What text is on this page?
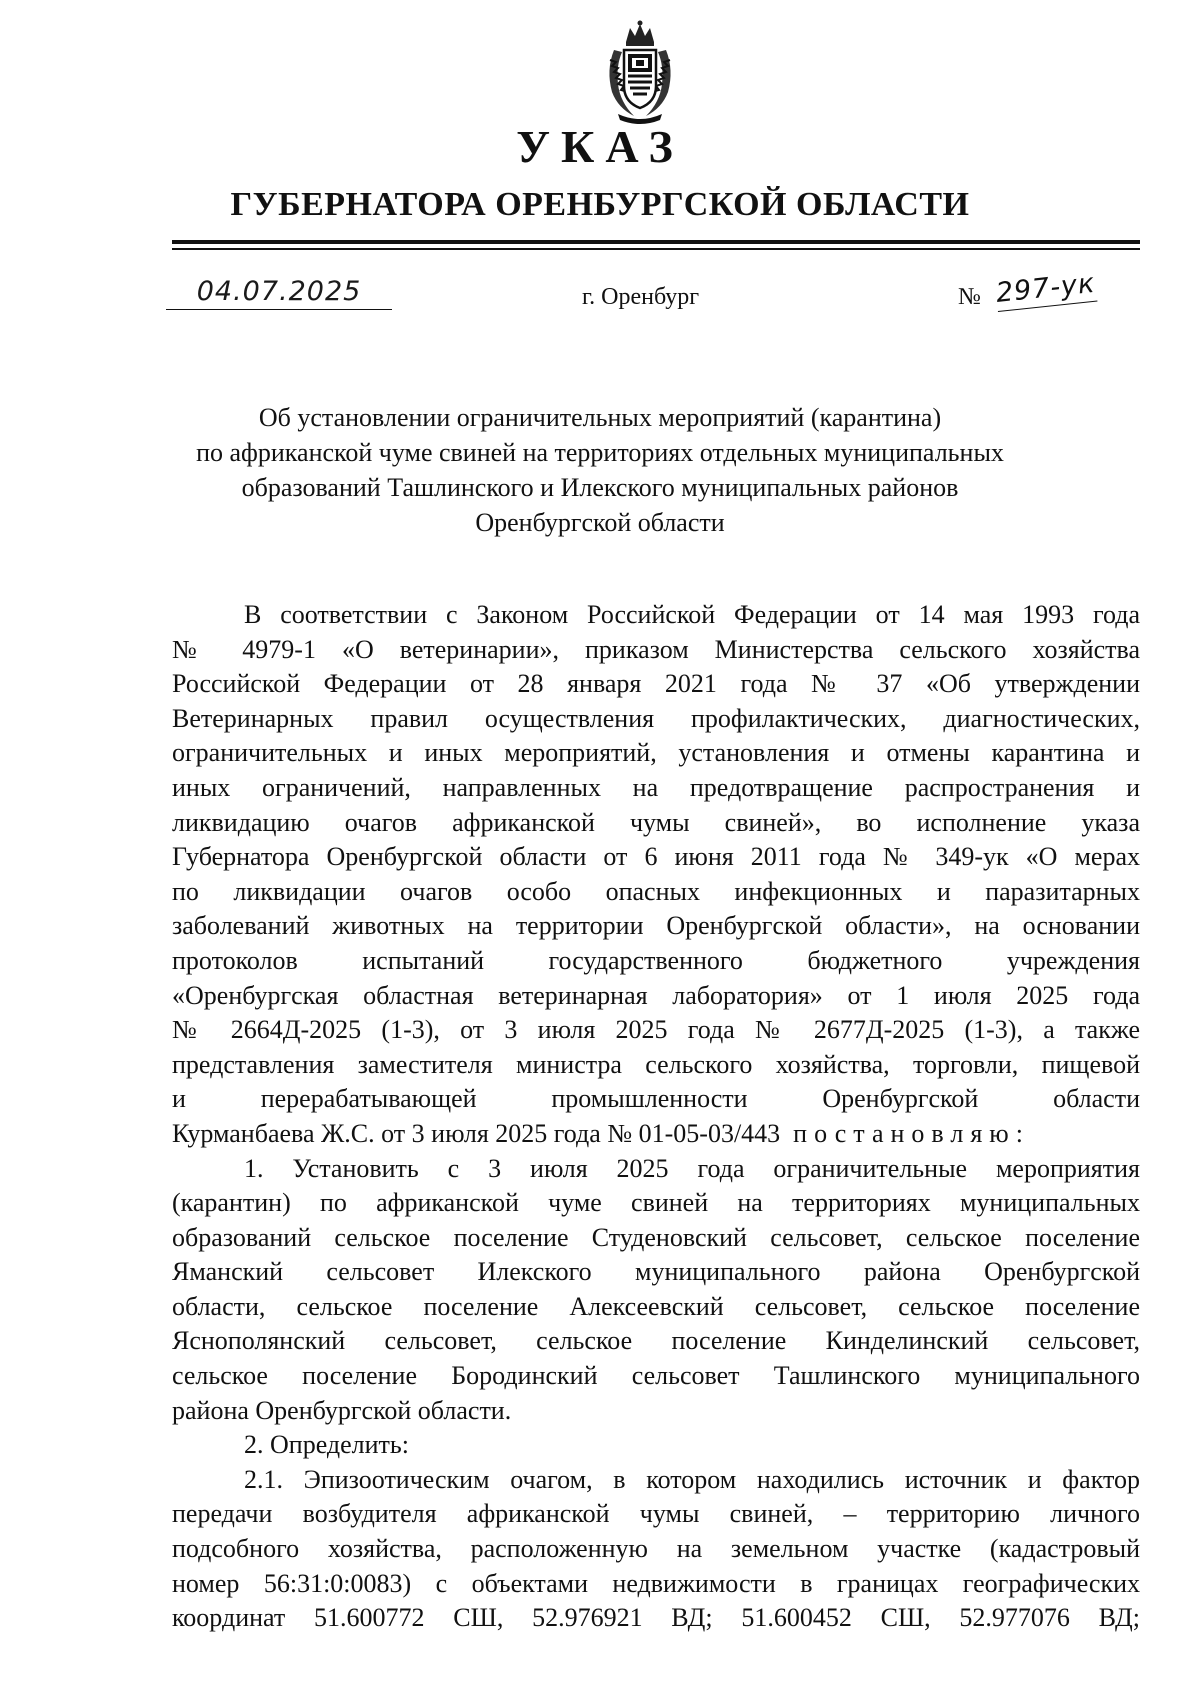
УКАЗ
ГУБЕРНАТОРА ОРЕНБУРГСКОЙ ОБЛАСТИ
04.07.2025	г. Оренбург	№ 297-ук
Об установлении ограничительных мероприятий (карантина)
по африканской чуме свиней на территориях отдельных муниципальных
образований Ташлинского и Илекского муниципальных районов
Оренбургской области
В соответствии с Законом Российской Федерации от 14 мая 1993 года
№ 4979-1 «О ветеринарии», приказом Министерства сельского хозяйства
Российской Федерации от 28 января 2021 года № 37 «Об утверждении
Ветеринарных правил осуществления профилактических, диагностических,
ограничительных и иных мероприятий, установления и отмены карантина и
иных ограничений, направленных на предотвращение распространения и
ликвидацию очагов африканской чумы свиней», во исполнение указа
Губернатора Оренбургской области от 6 июня 2011 года № 349-ук «О мерах
по ликвидации очагов особо опасных инфекционных и паразитарных
заболеваний животных на территории Оренбургской области», на основании
протоколов испытаний государственного бюджетного учреждения
«Оренбургская областная ветеринарная лаборатория» от 1 июля 2025 года
№ 2664Д-2025 (1-3), от 3 июля 2025 года № 2677Д-2025 (1-3), а также
представления заместителя министра сельского хозяйства, торговли, пищевой
и перерабатывающей промышленности Оренбургской области
Курманбаева Ж.С. от 3 июля 2025 года № 01-05-03/443 постановляю:
1. Установить с 3 июля 2025 года ограничительные мероприятия
(карантин) по африканской чуме свиней на территориях муниципальных
образований сельское поселение Студеновский сельсовет, сельское поселение
Яманский сельсовет Илекского муниципального района Оренбургской
области, сельское поселение Алексеевский сельсовет, сельское поселение
Яснополянский сельсовет, сельское поселение Кинделинский сельсовет,
сельское поселение Бородинский сельсовет Ташлинского муниципального
района Оренбургской области.
2. Определить:
2.1. Эпизоотическим очагом, в котором находились источник и фактор
передачи возбудителя африканской чумы свиней, – территорию личного
подсобного хозяйства, расположенную на земельном участке (кадастровый
номер 56:31:0:0083) с объектами недвижимости в границах географических
координат 51.600772 СШ, 52.976921 ВД; 51.600452 СШ, 52.977076 ВД;
